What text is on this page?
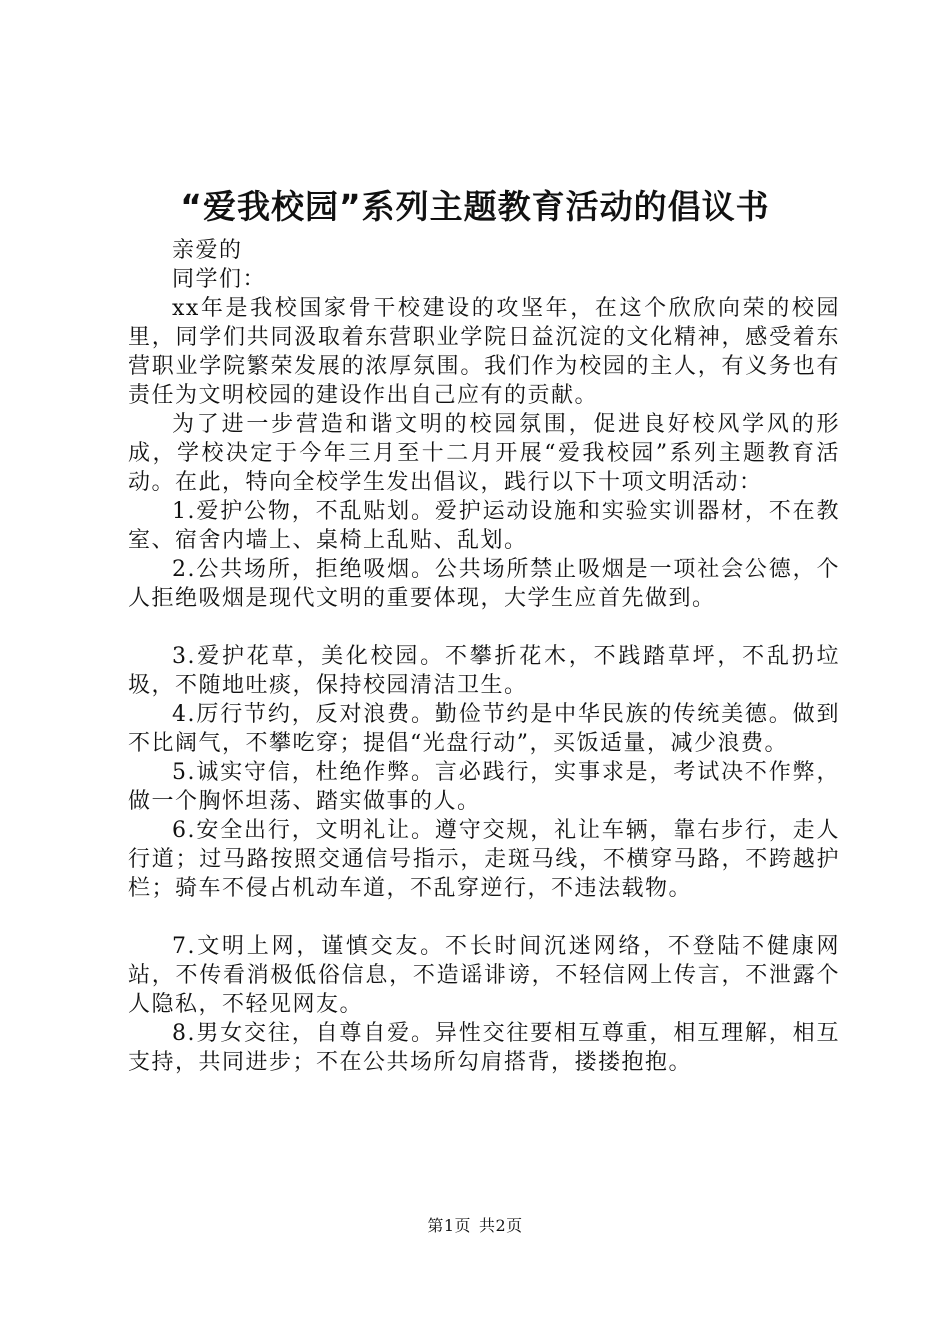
“爱我校园”系列主题教育活动的倡议书

亲爱的

同学们：

xx年是我校国家骨干校建设的攻坚年，在这个欣欣向荣的校园里，同学们共同汲取着东营职业学院日益沉淀的文化精神，感受着东营职业学院繁荣发展的浓厚氛围。我们作为校园的主人，有义务也有责任为文明校园的建设作出自己应有的贡献。

为了进一步营造和谐文明的校园氛围，促进良好校风学风的形成，学校决定于今年三月至十二月开展“爱我校园”系列主题教育活动。在此，特向全校学生发出倡议，践行以下十项文明活动：

1.爱护公物，不乱贴划。爱护运动设施和实验实训器材，不在教室、宿舍内墙上、桌椅上乱贴、乱划。

2.公共场所，拒绝吸烟。公共场所禁止吸烟是一项社会公德，个人拒绝吸烟是现代文明的重要体现，大学生应首先做到。

3.爱护花草，美化校园。不攀折花木，不践踏草坪，不乱扔垃圾，不随地吐痰，保持校园清洁卫生。

4.厉行节约，反对浪费。勤俭节约是中华民族的传统美德。做到不比阔气，不攀吃穿；提倡“光盘行动”，买饭适量，减少浪费。

5.诚实守信，杜绝作弊。言必践行，实事求是，考试决不作弊，做一个胸怀坦荡、踏实做事的人。

6.安全出行，文明礼让。遵守交规，礼让车辆，靠右步行，走人行道；过马路按照交通信号指示，走斑马线，不横穿马路，不跨越护栏；骑车不侵占机动车道，不乱穿逆行，不违法载物。

7.文明上网，谨慎交友。不长时间沉迷网络，不登陆不健康网站，不传看消极低俗信息，不造谣诽谤，不轻信网上传言，不泄露个人隐私，不轻见网友。

8.男女交往，自尊自爱。异性交往要相互尊重，相互理解，相互支持，共同进步；不在公共场所勾肩搭背，搂搂抱抱。

第1页 共2页
